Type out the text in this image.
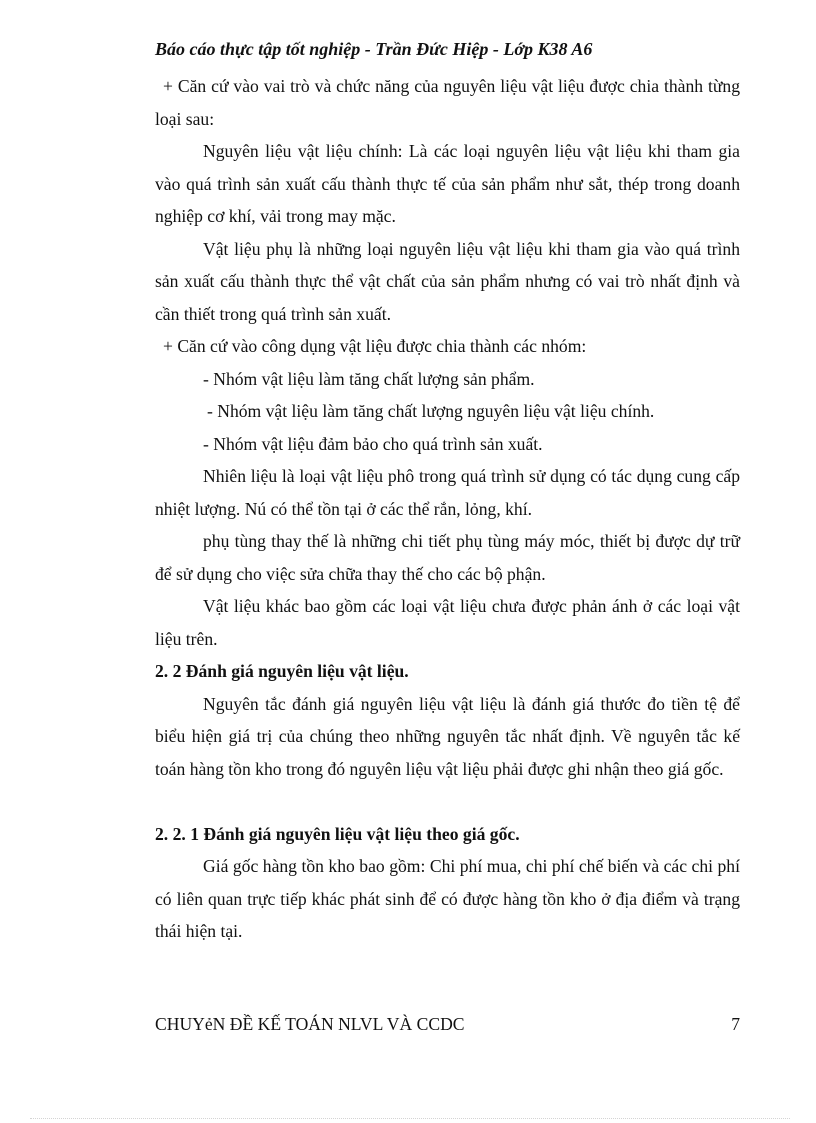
Báo cáo thực tập tốt nghiệp - Trần Đức Hiệp - Lớp K38 A6

+ Căn cứ vào vai trò và chức năng của nguyên liệu vật liệu được chia thành từng loại sau:

Nguyên liệu vật liệu chính: Là các loại nguyên liệu vật liệu khi tham gia vào quá trình sản xuất cấu thành thực tế của sản phẩm như sắt, thép trong doanh nghiệp cơ khí, vải trong may mặc.

Vật liệu phụ là những loại nguyên liệu vật liệu khi tham gia vào quá trình sản xuất cấu thành thực thể vật chất của sản phẩm nhưng có vai trò nhất định và cần thiết trong quá trình sản xuất.

+ Căn cứ vào công dụng vật liệu được chia thành các nhóm:

- Nhóm vật liệu làm tăng chất lượng sản phẩm.

- Nhóm vật liệu làm tăng chất lượng nguyên liệu vật liệu chính.

- Nhóm vật liệu đảm bảo cho quá trình sản xuất.

Nhiên liệu là loại vật liệu phô trong quá trình sử dụng có tác dụng cung cấp nhiệt lượng. Nú có thể tồn tại ở các thể rắn, lỏng, khí.

phụ tùng thay thế là những chi tiết phụ tùng máy móc, thiết bị được dự trữ để sử dụng cho việc sửa chữa thay thế cho các bộ phận.

Vật liệu khác bao gồm các loại vật liệu chưa được phản ánh ở các loại vật liệu trên.

2. 2 Đánh giá nguyên liệu vật liệu.

Nguyên tắc đánh giá nguyên liệu vật liệu là đánh giá thước đo tiền tệ để biểu hiện giá trị của chúng theo những nguyên tắc nhất định. Về nguyên tắc kế toán hàng tồn kho trong đó nguyên liệu vật liệu phải được ghi nhận theo giá gốc.

2. 2. 1 Đánh giá nguyên liệu vật liệu theo giá gốc.

Giá gốc hàng tồn kho bao gồm: Chi phí mua, chi phí chế biến và các chi phí có liên quan trực tiếp khác phát sinh để có được hàng tồn kho ở địa điểm và trạng thái hiện tại.

CHUYẻN ĐỀ KẾ TOÁN NLVL VÀ CCDC	7
